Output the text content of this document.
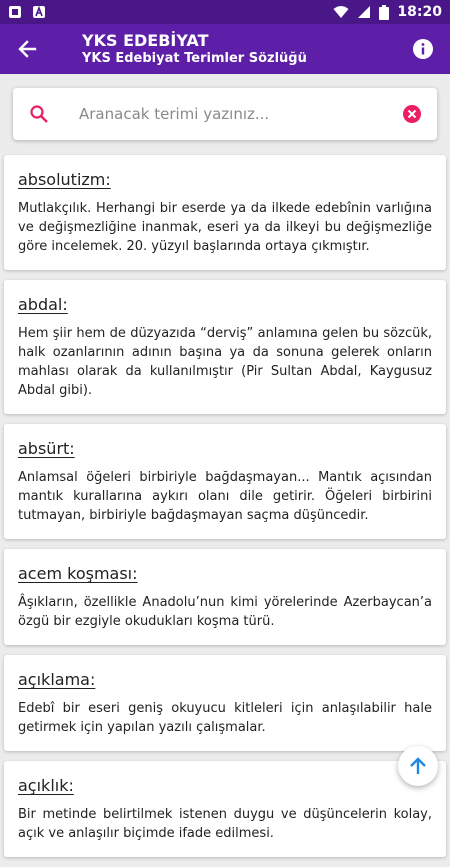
18:20
YKS EDEBİYAT
YKS Edebiyat Terimler Sözlüğü
Aranacak terimi yazınız...
absolutizm:
Mutlakçılık. Herhangi bir eserde ya da ilkede edebînin varlığına ve değişmezliğine inanmak, eseri ya da ilkeyi bu değişmezliğe göre incelemek. 20. yüzyıl başlarında ortaya çıkmıştır.
abdal:
Hem şiir hem de düzyazıda “derviş” anlamına gelen bu sözcük, halk ozanlarının adının başına ya da sonuna gelerek onların mahlası olarak da kullanılmıştır (Pir Sultan Abdal, Kaygusuz Abdal gibi).
absürt:
Anlamsal öğeleri birbiriyle bağdaşmayan... Mantık açısından mantık kurallarına aykırı olanı dile getirir. Öğeleri birbirini tutmayan, birbiriyle bağdaşmayan saçma düşüncedir.
acem koşması:
Âşıkların, özellikle Anadolu’nun kimi yörelerinde Azerbaycan’a özgü bir ezgiyle okudukları koşma türü.
açıklama:
Edebî bir eseri geniş okuyucu kitleleri için anlaşılabilir hale getirmek için yapılan yazılı çalışmalar.
açıklık:
Bir metinde belirtilmek istenen duygu ve düşüncelerin kolay, açık ve anlaşılır biçimde ifade edilmesi.
